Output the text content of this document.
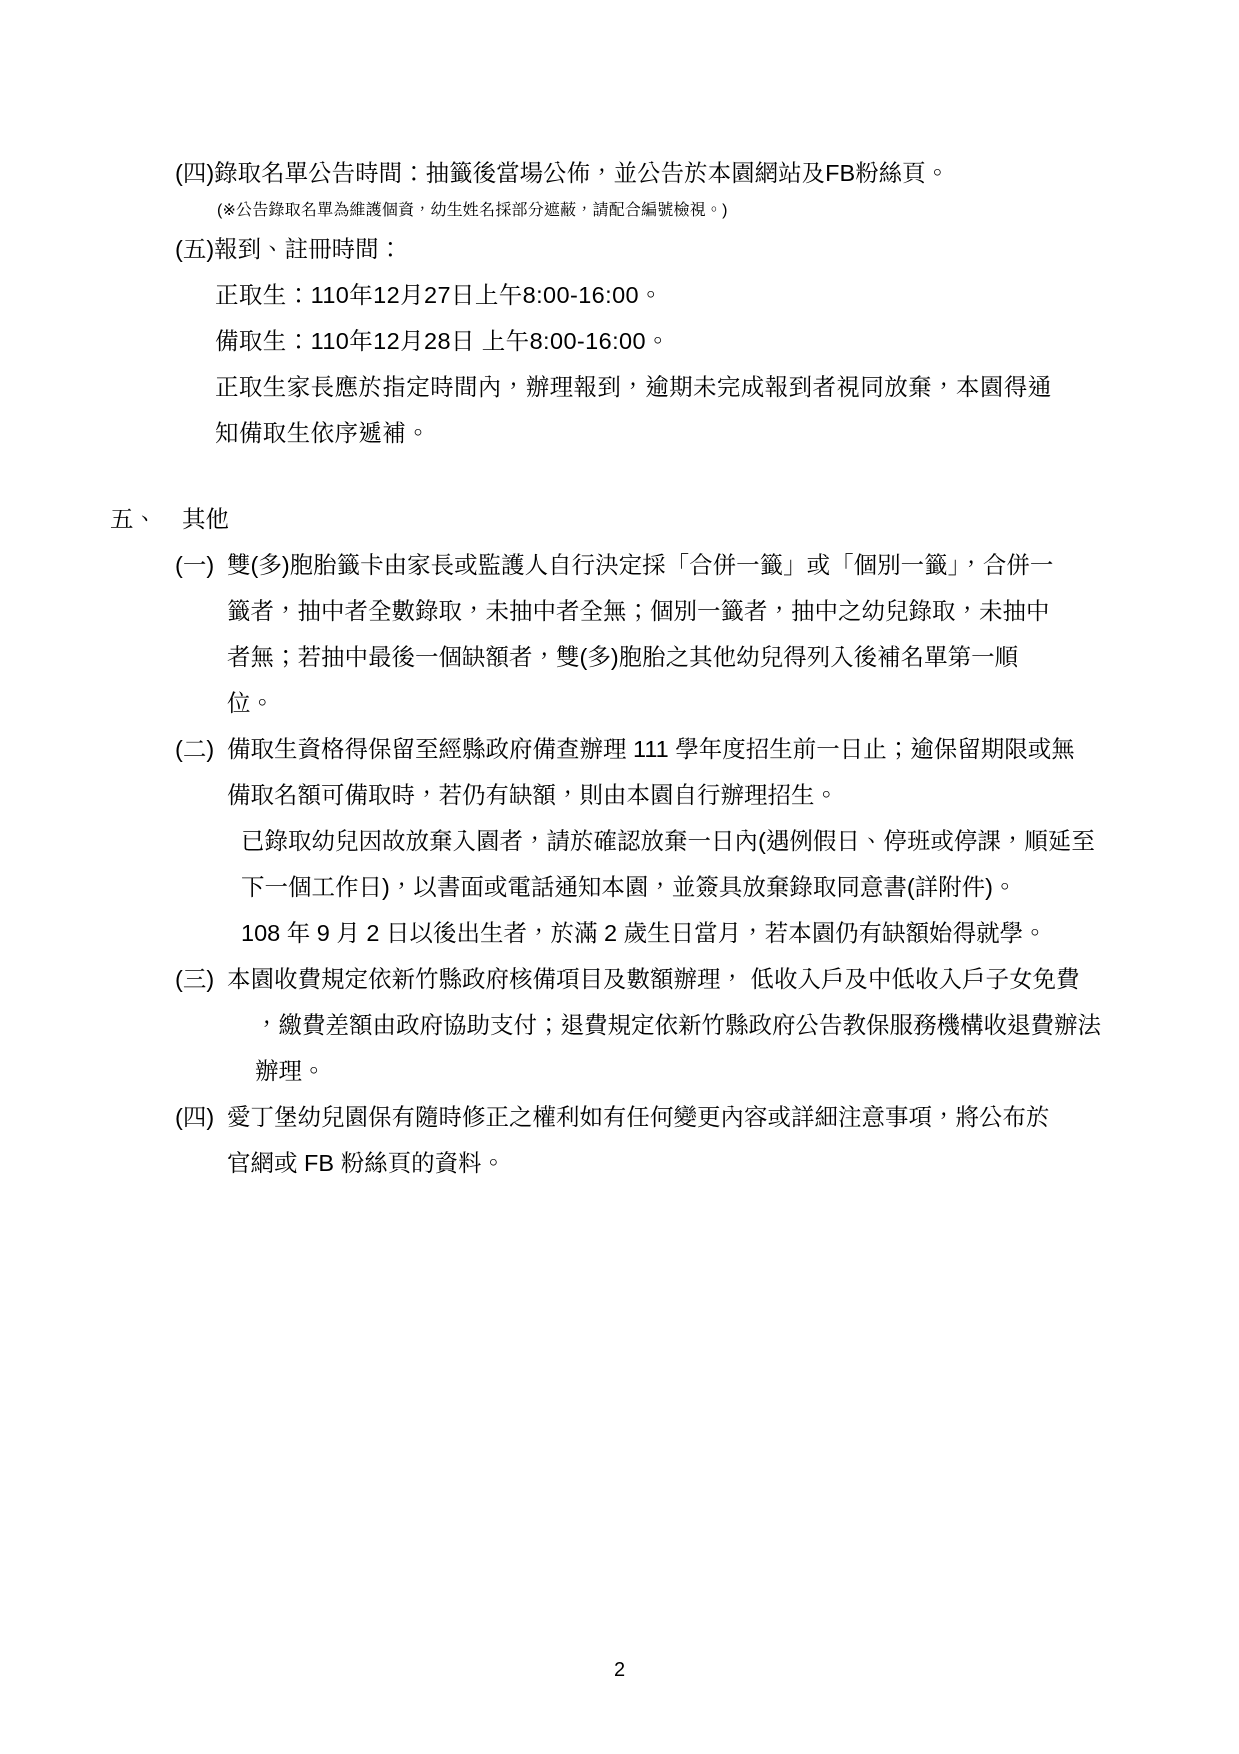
(四) 錄取名單公告時間：抽籤後當場公佈，並公告於本園網站及FB粉絲頁。
(※公告錄取名單為維護個資，幼生姓名採部分遮蔽，請配合編號檢視。)
(五) 報到、註冊時間：
正取生：110年12月27日上午8:00-16:00。
備取生：110年12月28日 上午8:00-16:00。
正取生家長應於指定時間內，辦理報到，逾期未完成報到者視同放棄，本園得通
知備取生依序遞補。
五、	其他
(一) 雙(多)胞胎籤卡由家長或監護人自行決定採「合併一籤」或「個別一籤」，合併一

籤者，抽中者全數錄取，未抽中者全無；個別一籤者，抽中之幼兒錄取，未抽中

者無；若抽中最後一個缺額者，雙(多)胞胎之其他幼兒得列入後補名單第一順

位。

(二) 備取生資格得保留至經縣政府備查辦理 111 學年度招生前一日止；逾保留期限或無

備取名額可備取時，若仍有缺額，則由本園自行辦理招生。

已錄取幼兒因故放棄入園者，請於確認放棄一日內(遇例假日、停班或停課，順延至

下一個工作日)，以書面或電話通知本園，並簽具放棄錄取同意書(詳附件)。

108 年 9 月 2 日以後出生者，於滿 2 歲生日當月，若本園仍有缺額始得就學。

(三) 本園收費規定依新竹縣政府核備項目及數額辦理， 低收入戶及中低收入戶子女免費

，繳費差額由政府協助支付；退費規定依新竹縣政府公告教保服務機構收退費辦法辦理。

(四) 愛丁堡幼兒園保有隨時修正之權利如有任何變更內容或詳細注意事項，將公布於

官網或 FB 粉絲頁的資料。

2
